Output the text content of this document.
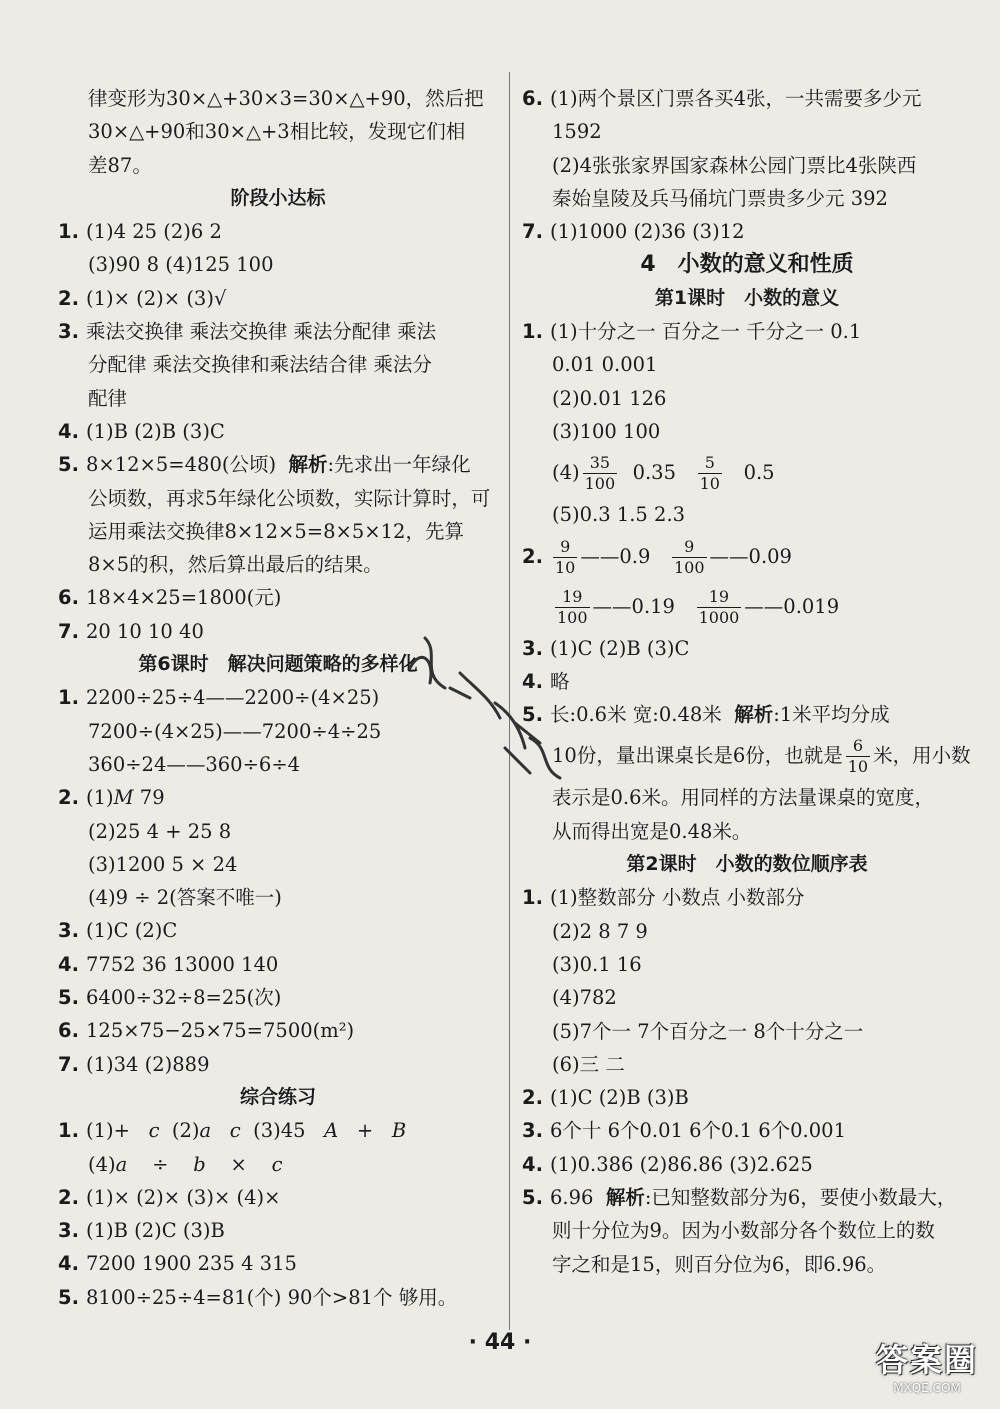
律变形为30×△+30×3=30×△+90，然后把
30×△+90和30×△+3相比较，发现它们相
差87。
阶段小达标
1. (1)4 25 (2)6 2
(3)90 8 (4)125 100
2. (1)× (2)× (3)√
3. 乘法交换律 乘法交换律 乘法分配律 乘法
分配律 乘法交换律和乘法结合律 乘法分
配律
4. (1)B (2)B (3)C
5. 8×12×5=480(公顷) 解析:先求出一年绿化
公顷数，再求5年绿化公顷数，实际计算时，可
运用乘法交换律8×12×5=8×5×12，先算
8×5的积，然后算出最后的结果。
6. 18×4×25=1800(元)
7. 20 10 10 40
第6课时　解决问题策略的多样化
1. 2200÷25÷4——2200÷(4×25)
7200÷(4×25)——7200÷4÷25
360÷24——360÷6÷4
2. (1)M 79
(2)25 4 + 25 8
(3)1200 5 × 24
(4)9 ÷ 2(答案不唯一)
3. (1)C (2)C
4. 7752 36 13000 140
5. 6400÷32÷8=25(次)
6. 125×75−25×75=7500(m²)
7. (1)34 (2)889
综合练习
1. (1)+ c (2)a c (3)45 A + B
(4)a ÷ b × c
2. (1)× (2)× (3)× (4)×
3. (1)B (2)C (3)B
4. 7200 1900 235 4 315
5. 8100÷25÷4=81(个) 90个>81个 够用。
6. (1)两个景区门票各买4张，一共需要多少元
1592
(2)4张张家界国家森林公园门票比4张陕西
秦始皇陵及兵马俑坑门票贵多少元 392
7. (1)1000 (2)36 (3)12
4　小数的意义和性质
第1课时　小数的意义
1. (1)十分之一 百分之一 千分之一 0.1
0.01 0.001
(2)0.01 126
(3)100 100
$(4) \frac{35}{100} 0.35 \frac{5}{10} 0.5$
(5)0.3 1.5 2.3
2. $\frac{9}{10}$ ——0.9 $\frac{9}{100}$ ——0.09
$\frac{19}{100}$ ——0.19 $\frac{19}{1000}$ ——0.019
3. (1)C (2)B (3)C
4. 略
5. 长:0.6米 宽:0.48米 解析:1米平均分成
10份，量出课桌长是6份，也就是 $\frac{6}{10}$ 米，用小数
表示是0.6米。用同样的方法量课桌的宽度，
从而得出宽是0.48米。
第2课时　小数的数位顺序表
1. (1)整数部分 小数点 小数部分
(2)2 8 7 9
(3)0.1 16
(4)782
(5)7个一 7个百分之一 8个十分之一
(6)三 二
2. (1)C (2)B (3)B
3. 6个十 6个0.01 6个0.1 6个0.001
4. (1)0.386 (2)86.86 (3)2.625
5. 6.96 解析:已知整数部分为6，要使小数最大，
则十分位为9。因为小数部分各个数位上的数
字之和是15，则百分位为6，即6.96。
· 44 ·	答案圈
MXQE.COM
